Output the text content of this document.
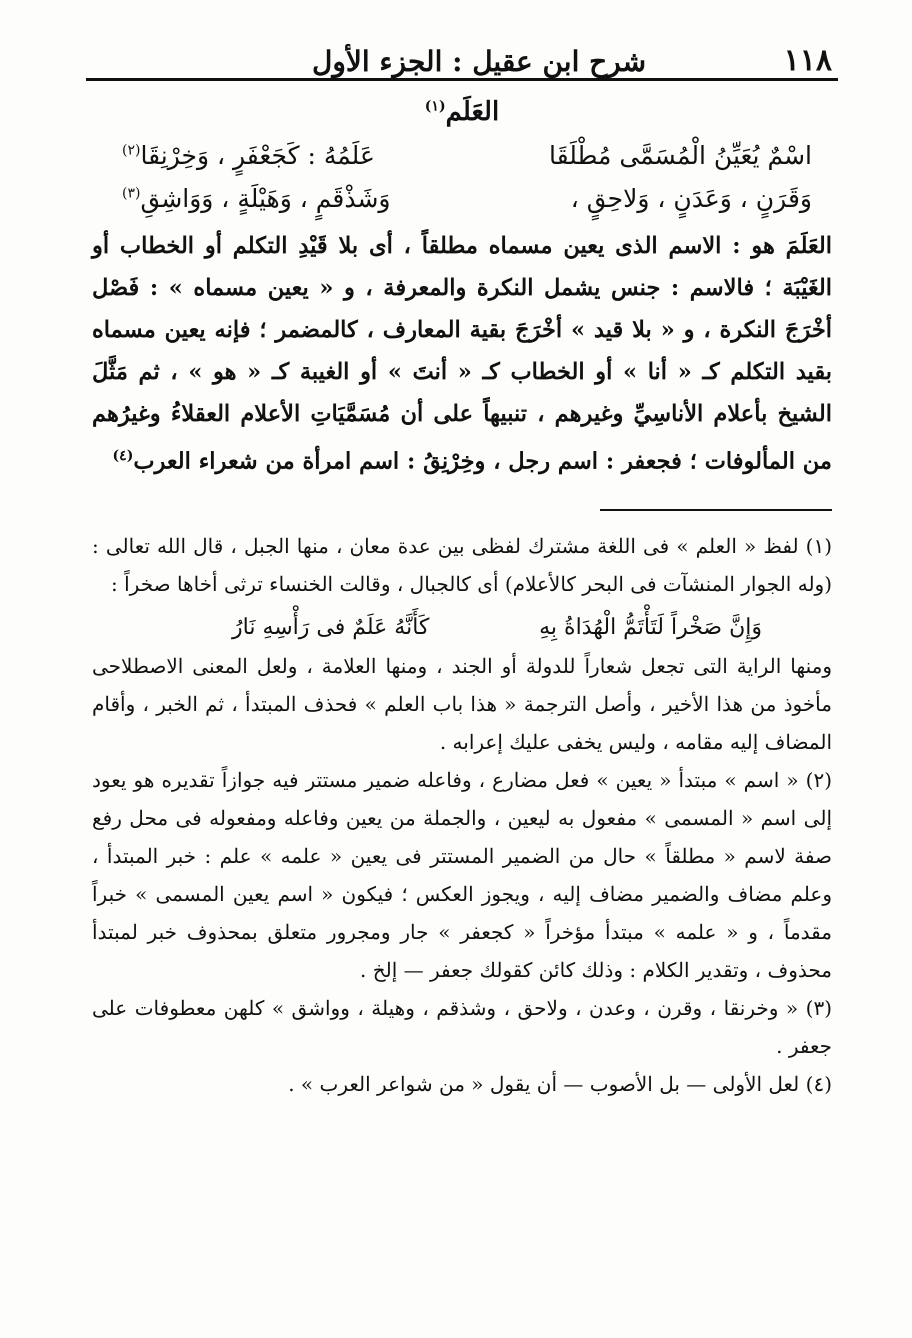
١١٨
شرح ابن عقيل : الجزء الأول
العَلَم$^{(١)}$
اسْمٌ يُعَيِّنُ الْمُسَمَّى مُطْلَقَا
عَلَمُهُ : كَجَعْفَرٍ ، وَخِرْنِقَا$^{(٢)}$
وَقَرَنٍ ، وَعَدَنٍ ، وَلاحِقٍ ،
وَشَذْقَمٍ ، وَهَيْلَةٍ ، وَوَاشِقِ$^{(٣)}$

العَلَمَ هو : الاسم الذى يعين مسماه مطلقاً ، أى بلا قَيْدِ التكلم أو الخطاب أو الغَيْبَة ؛ فالاسم : جنس يشمل النكرة والمعرفة ، و « يعين مسماه » : فَصْل أخْرَجَ النكرة ، و « بلا قيد » أخْرَجَ بقية المعارف ، كالمضمر ؛ فإنه يعين مسماه بقيد التكلم كـ « أنا » أو الخطاب كـ « أنتَ » أو الغيبة كـ « هو » ، ثم مَثَّلَ الشيخ بأعلام الأناسِيِّ وغيرهم ، تنبيهاً على أن مُسَمَّيَاتِ الأعلام العقلاءُ وغيرُهم من المألوفات ؛ فجعفر : اسم رجل ، وخِرْنِقُ : اسم امرأة من شعراء العرب$^{(٤)}$

(١) لفظ « العلم » فى اللغة مشترك لفظى بين عدة معان ، منها الجبل ، قال الله تعالى : (وله الجوار المنشآت فى البحر كالأعلام) أى كالجبال ، وقالت الخنساء ترثى أخاها صخراً :

وَإِنَّ صَخْراً لَتَأْتَمُّ الْهُدَاةُ بِهِ
كَأَنَّهُ عَلَمٌ فى رَأْسِهِ نَارُ

ومنها الراية التى تجعل شعاراً للدولة أو الجند ، ومنها العلامة ، ولعل المعنى الاصطلاحى مأخوذ من هذا الأخير ، وأصل الترجمة « هذا باب العلم » فحذف المبتدأ ، ثم الخبر ، وأقام المضاف إليه مقامه ، وليس يخفى عليك إعرابه .

(٢) « اسم » مبتدأ « يعين » فعل مضارع ، وفاعله ضمير مستتر فيه جوازاً تقديره هو يعود إلى اسم « المسمى » مفعول به ليعين ، والجملة من يعين وفاعله ومفعوله فى محل رفع صفة لاسم « مطلقاً » حال من الضمير المستتر فى يعين « علمه » علم : خبر المبتدأ ، وعلم مضاف والضمير مضاف إليه ، ويجوز العكس ؛ فيكون « اسم يعين المسمى » خبراً مقدماً ، و « علمه » مبتدأ مؤخراً « كجعفر » جار ومجرور متعلق بمحذوف خبر لمبتدأ محذوف ، وتقدير الكلام : وذلك كائن كقولك جعفر — إلخ .

(٣) « وخرنقا ، وقرن ، وعدن ، ولاحق ، وشذقم ، وهيلة ، وواشق » كلهن معطوفات على جعفر .

(٤) لعل الأولى — بل الأصوب — أن يقول « من شواعر العرب » .
